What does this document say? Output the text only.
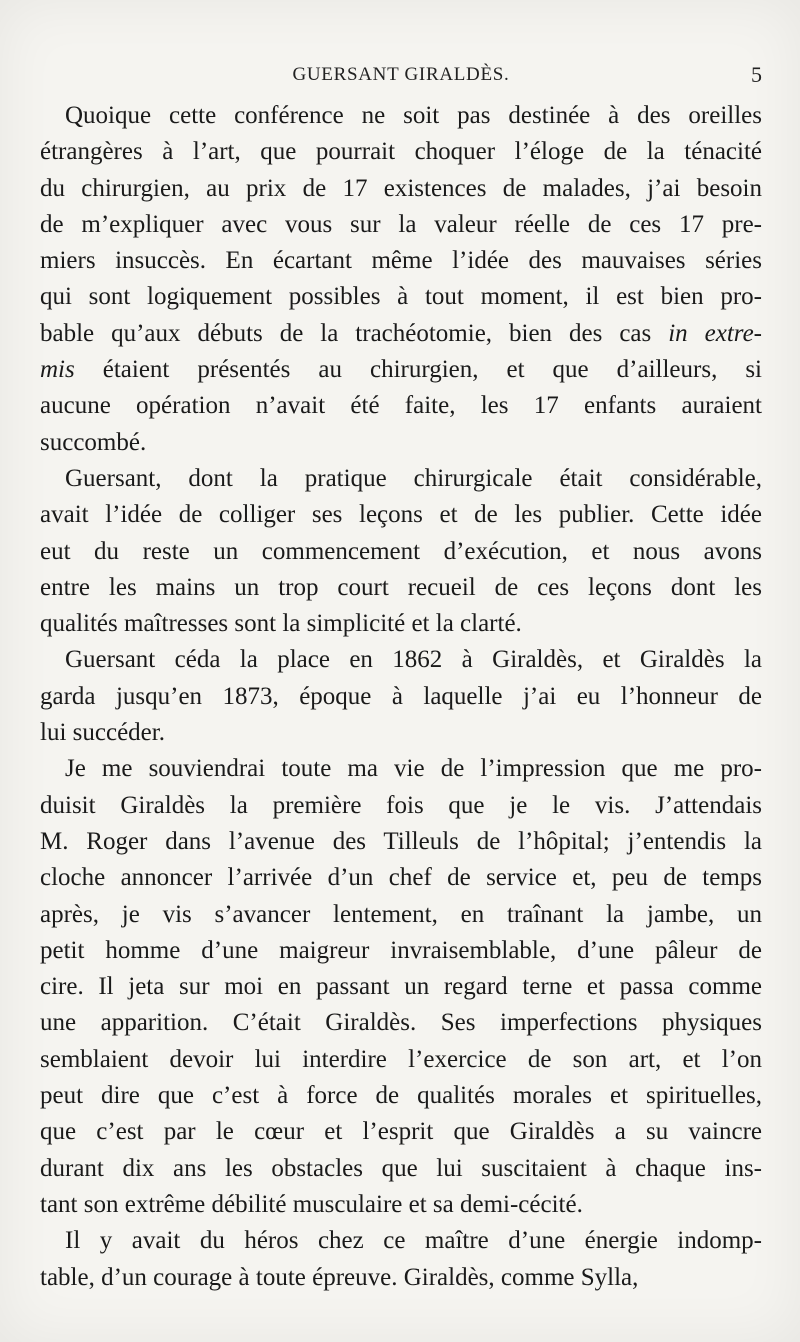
GUERSANT GIRALDÈS.	5
Quoique cette conférence ne soit pas destinée à des oreilles
étrangères à l’art, que pourrait choquer l’éloge de la ténacité
du chirurgien, au prix de 17 existences de malades, j’ai besoin
de m’expliquer avec vous sur la valeur réelle de ces 17 pre-
miers insuccès. En écartant même l’idée des mauvaises séries
qui sont logiquement possibles à tout moment, il est bien pro-
bable qu’aux débuts de la trachéotomie, bien des cas in extre-
mis étaient présentés au chirurgien, et que d’ailleurs, si
aucune opération n’avait été faite, les 17 enfants auraient
succombé.
Guersant, dont la pratique chirurgicale était considérable,
avait l’idée de colliger ses leçons et de les publier. Cette idée
eut du reste un commencement d’exécution, et nous avons
entre les mains un trop court recueil de ces leçons dont les
qualités maîtresses sont la simplicité et la clarté.
Guersant céda la place en 1862 à Giraldès, et Giraldès la
garda jusqu’en 1873, époque à laquelle j’ai eu l’honneur de
lui succéder.
Je me souviendrai toute ma vie de l’impression que me pro-
duisit Giraldès la première fois que je le vis. J’attendais
M. Roger dans l’avenue des Tilleuls de l’hôpital; j’entendis la
cloche annoncer l’arrivée d’un chef de service et, peu de temps
après, je vis s’avancer lentement, en traînant la jambe, un
petit homme d’une maigreur invraisemblable, d’une pâleur de
cire. Il jeta sur moi en passant un regard terne et passa comme
une apparition. C’était Giraldès. Ses imperfections physiques
semblaient devoir lui interdire l’exercice de son art, et l’on
peut dire que c’est à force de qualités morales et spirituelles,
que c’est par le cœur et l’esprit que Giraldès a su vaincre
durant dix ans les obstacles que lui suscitaient à chaque ins-
tant son extrême débilité musculaire et sa demi-cécité.
Il y avait du héros chez ce maître d’une énergie indomp-
table, d’un courage à toute épreuve. Giraldès, comme Sylla,
